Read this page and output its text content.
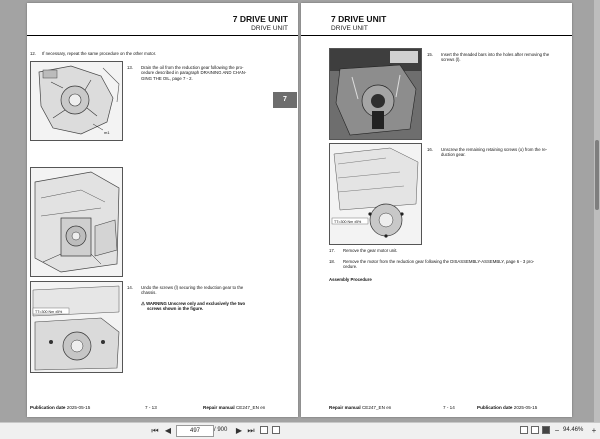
7 DRIVE UNIT
DRIVE UNIT
12. If necessary, repeat the same procedure on the other motor.
m1
13. Drain the oil from the reduction gear following the pro-
cedure described in paragraph DRAINING AND CHAN-
GING THE OIL, page 7 - 2.
14. Undo the screws (l) securing the reduction gear to the
chassis.
⚠ WARNING Unscrew only and exclusively the two
screws shown in the figure.
TT=300 Nm ±5%
Publication date 2025-05-15	7 - 13	Repair manual CE247_EN en
7
7 DRIVE UNIT
DRIVE UNIT
15. Insert the threaded bars into the holes after removing the
screws (l).
TT=300 Nm ±5%
16. Unscrew the remaining retaining screws (o) from the re-
duction gear.
17. Remove the gear motor unit.
18. Remove the motor from the reduction gear following the DISASSEMBLY-ASSEMBLY, page 6 - 3 pro-
cedure.
Assembly Procedure
Repair manual CE247_EN en	7 - 14	Publication date 2025-05-15
⏮ ◀	497	/ 900 ▶ ⏭	− 94.46%	+
